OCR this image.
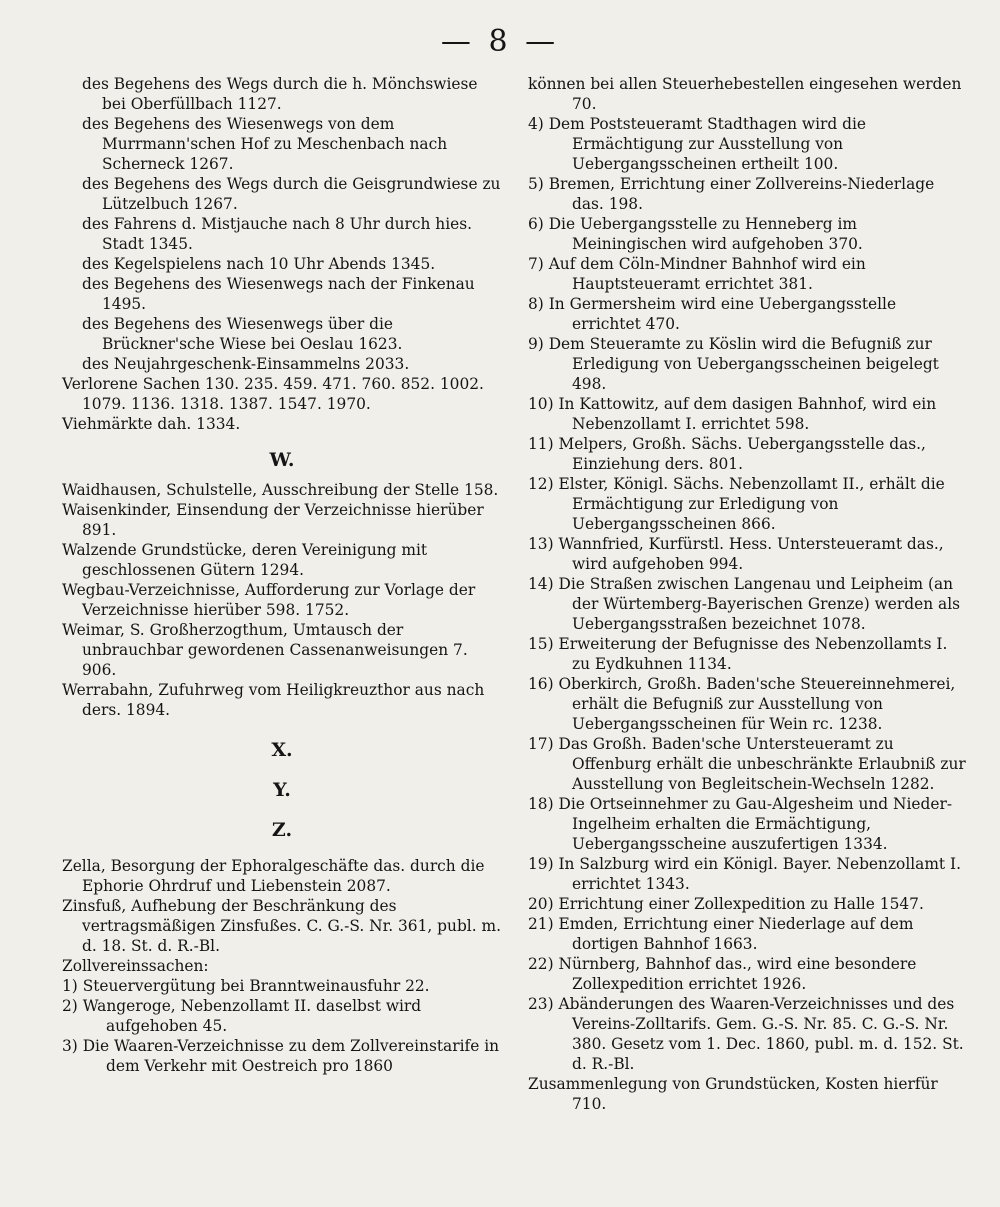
— 8 —

des Begehens des Wegs durch die h. Mönchswiese bei Oberfüllbach 1127.

des Begehens des Wiesenwegs von dem Murrmann'schen Hof zu Meschenbach nach Scherneck 1267.

des Begehens des Wegs durch die Geisgrundwiese zu Lützelbuch 1267.

des Fahrens d. Mistjauche nach 8 Uhr durch hies. Stadt 1345.

des Kegelspielens nach 10 Uhr Abends 1345.

des Begehens des Wiesenwegs nach der Finkenau 1495.

des Begehens des Wiesenwegs über die Brückner'sche Wiese bei Oeslau 1623.

des Neujahrgeschenk-Einsammelns 2033.

Verlorene Sachen 130. 235. 459. 471. 760. 852. 1002. 1079. 1136. 1318. 1387. 1547. 1970.

Viehmärkte dah. 1334.

W.

Waidhausen, Schulstelle, Ausschreibung der Stelle 158.

Waisenkinder, Einsendung der Verzeichnisse hierüber 891.

Walzende Grundstücke, deren Vereinigung mit geschlossenen Gütern 1294.

Wegbau-Verzeichnisse, Aufforderung zur Vorlage der Verzeichnisse hierüber 598. 1752.

Weimar, S. Großherzogthum, Umtausch der unbrauchbar gewordenen Cassenanweisungen 7. 906.

Werrabahn, Zufuhrweg vom Heiligkreuzthor aus nach ders. 1894.

X.
Y.
Z.

Zella, Besorgung der Ephoralgeschäfte das. durch die Ephorie Ohrdruf und Liebenstein 2087.

Zinsfuß, Aufhebung der Beschränkung des vertragsmäßigen Zinsfußes. C. G.-S. Nr. 361, publ. m. d. 18. St. d. R.-Bl.

Zollvereinssachen:

1) Steuervergütung bei Branntweinausfuhr 22.

2) Wangeroge, Nebenzollamt II. daselbst wird aufgehoben 45.

3) Die Waaren-Verzeichnisse zu dem Zollvereinstarife in dem Verkehr mit Oestreich pro 1860

können bei allen Steuerhebestellen eingesehen werden 70.

4) Dem Poststeueramt Stadthagen wird die Ermächtigung zur Ausstellung von Uebergangsscheinen ertheilt 100.

5) Bremen, Errichtung einer Zollvereins-Niederlage das. 198.

6) Die Uebergangsstelle zu Henneberg im Meiningischen wird aufgehoben 370.

7) Auf dem Cöln-Mindner Bahnhof wird ein Hauptsteueramt errichtet 381.

8) In Germersheim wird eine Uebergangsstelle errichtet 470.

9) Dem Steueramte zu Köslin wird die Befugniß zur Erledigung von Uebergangsscheinen beigelegt 498.

10) In Kattowitz, auf dem dasigen Bahnhof, wird ein Nebenzollamt I. errichtet 598.

11) Melpers, Großh. Sächs. Uebergangsstelle das., Einziehung ders. 801.

12) Elster, Königl. Sächs. Nebenzollamt II., erhält die Ermächtigung zur Erledigung von Uebergangsscheinen 866.

13) Wannfried, Kurfürstl. Hess. Untersteueramt das., wird aufgehoben 994.

14) Die Straßen zwischen Langenau und Leipheim (an der Würtemberg-Bayerischen Grenze) werden als Uebergangsstraßen bezeichnet 1078.

15) Erweiterung der Befugnisse des Nebenzollamts I. zu Eydkuhnen 1134.

16) Oberkirch, Großh. Baden'sche Steuereinnehmerei, erhält die Befugniß zur Ausstellung von Uebergangsscheinen für Wein rc. 1238.

17) Das Großh. Baden'sche Untersteueramt zu Offenburg erhält die unbeschränkte Erlaubniß zur Ausstellung von Begleitschein-Wechseln 1282.

18) Die Ortseinnehmer zu Gau-Algesheim und Nieder-Ingelheim erhalten die Ermächtigung, Uebergangsscheine auszufertigen 1334.

19) In Salzburg wird ein Königl. Bayer. Nebenzollamt I. errichtet 1343.

20) Errichtung einer Zollexpedition zu Halle 1547.

21) Emden, Errichtung einer Niederlage auf dem dortigen Bahnhof 1663.

22) Nürnberg, Bahnhof das., wird eine besondere Zollexpedition errichtet 1926.

23) Abänderungen des Waaren-Verzeichnisses und des Vereins-Zolltarifs. Gem. G.-S. Nr. 85. C. G.-S. Nr. 380. Gesetz vom 1. Dec. 1860, publ. m. d. 152. St. d. R.-Bl.

Zusammenlegung von Grundstücken, Kosten hierfür 710.
